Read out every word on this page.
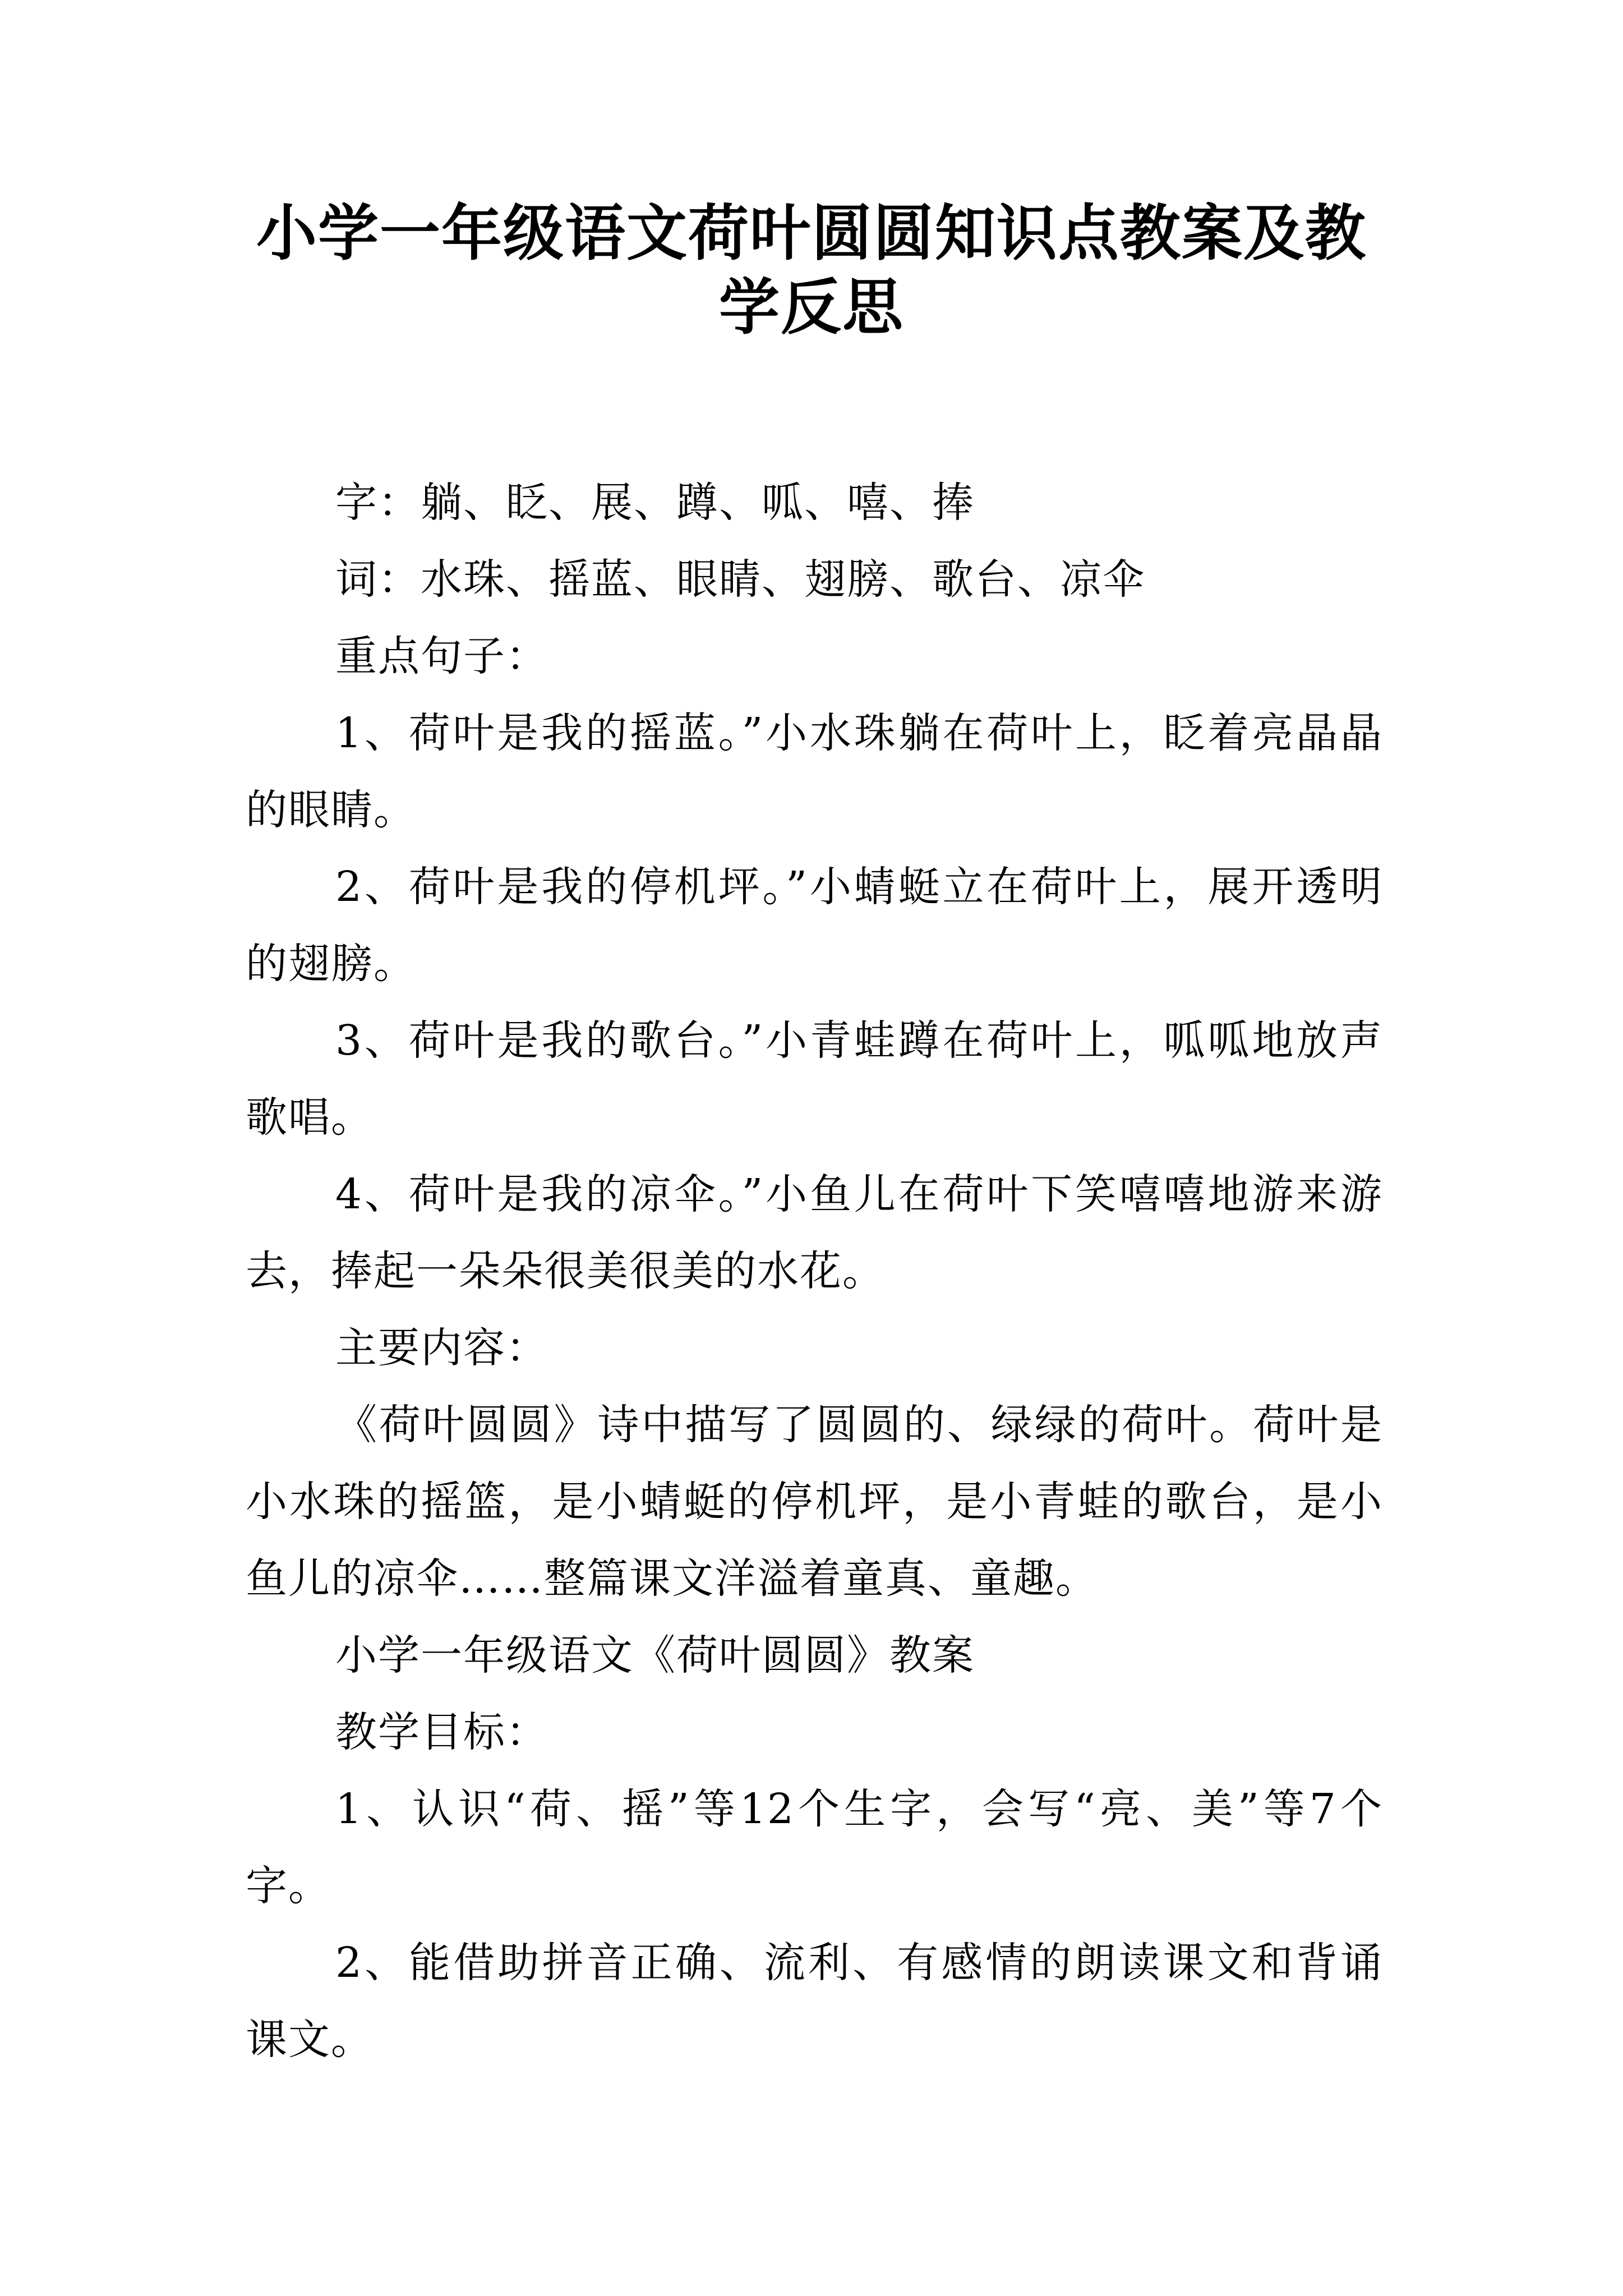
小学一年级语文荷叶圆圆知识点教案及教学反思

字：躺、眨、展、蹲、呱、嘻、捧

词：水珠、摇蓝、眼睛、翅膀、歌台、凉伞

重点句子：

1、荷叶是我的摇蓝。”小水珠躺在荷叶上，眨着亮晶晶的眼睛。

2、荷叶是我的停机坪。”小蜻蜓立在荷叶上，展开透明的翅膀。

3、荷叶是我的歌台。”小青蛙蹲在荷叶上，呱呱地放声歌唱。

4、荷叶是我的凉伞。”小鱼儿在荷叶下笑嘻嘻地游来游去，捧起一朵朵很美很美的水花。

主要内容：

《荷叶圆圆》诗中描写了圆圆的、绿绿的荷叶。荷叶是小水珠的摇篮，是小蜻蜓的停机坪，是小青蛙的歌台，是小鱼儿的凉伞……整篇课文洋溢着童真、童趣。

小学一年级语文《荷叶圆圆》教案

教学目标：

1、认识“荷、摇”等12个生字，会写“亮、美”等7个字。

2、能借助拼音正确、流利、有感情的朗读课文和背诵课文。
